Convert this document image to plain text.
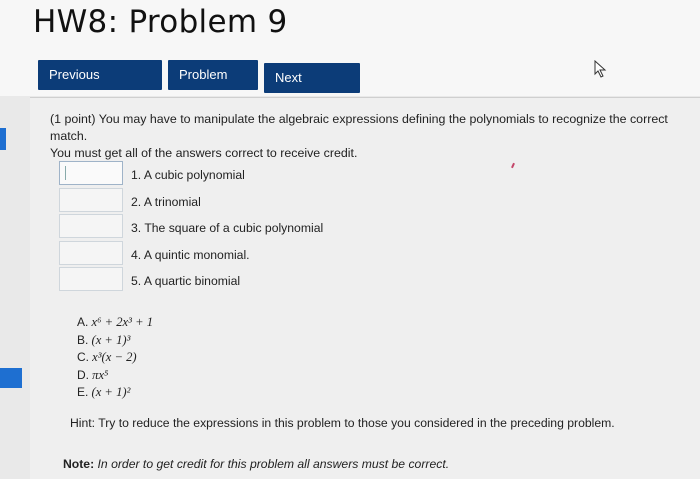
HW8: Problem 9
Previous	Problem	Next
(1 point) You may have to manipulate the algebraic expressions defining the polynomials to recognize the correct match.
You must get all of the answers correct to receive credit.
1. A cubic polynomial
2. A trinomial
3. The square of a cubic polynomial
4. A quintic monomial.
5. A quartic binomial
A. x⁶ + 2x³ + 1
B. (x + 1)³
C. x³(x − 2)
D. πx⁵
E. (x + 1)²
Hint: Try to reduce the expressions in this problem to those you considered in the preceding problem.
Note: In order to get credit for this problem all answers must be correct.
